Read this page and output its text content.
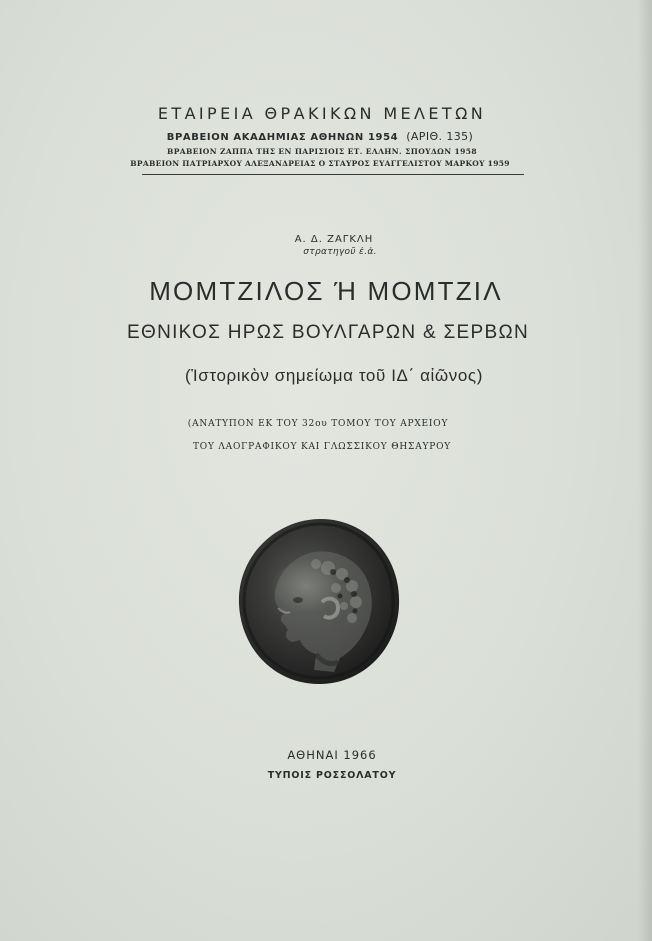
ΕΤΑΙΡΕΙΑ ΘΡΑΚΙΚΩΝ ΜΕΛΕΤΩΝ
ΒΡΑΒΕΙΟΝ ΑΚΑΔΗΜΙΑΣ ΑΘΗΝΩΝ 1954 (ΑΡΙΘ. 135)
ΒΡΑΒΕΙΟΝ ΖΑΠΠΑ ΤΗΣ ΕΝ ΠΑΡΙΣΙΟΙΣ ΕΤ. ΕΛΛΗΝ. ΣΠΟΥΔΩΝ 1958
ΒΡΑΒΕΙΟΝ ΠΑΤΡΙΑΡΧΟΥ ΑΛΕΞΑΝΔΡΕΙΑΣ Ο ΣΤΑΥΡΟΣ ΕΥΑΓΓΕΛΙΣΤΟΥ ΜΑΡΚΟΥ 1959
Α. Δ. ΖΑΓΚΛΗ
στρατηγοῦ ἐ.ἀ.
ΜΟΜΤΖΙΛΟΣ Ή ΜΟΜΤΖΙΛ
ΕΘΝΙΚΟΣ ΗΡΩΣ ΒΟΥΛΓΑΡΩΝ & ΣΕΡΒΩΝ
(Ἱστορικὸν σημείωμα τοῦ ΙΔ΄ αἰῶνος)
(ΑΝΑΤΥΠΟΝ ΕΚ ΤΟΥ 32ου ΤΟΜΟΥ ΤΟΥ ΑΡΧΕΙΟΥ
ΤΟΥ ΛΑΟΓΡΑΦΙΚΟΥ ΚΑΙ ΓΛΩΣΣΙΚΟΥ ΘΗΣΑΥΡΟΥ
ΑΘΗΝΑΙ 1966
ΤΥΠΟΙΣ ΡΟΣΣΟΛΑΤΟΥ
